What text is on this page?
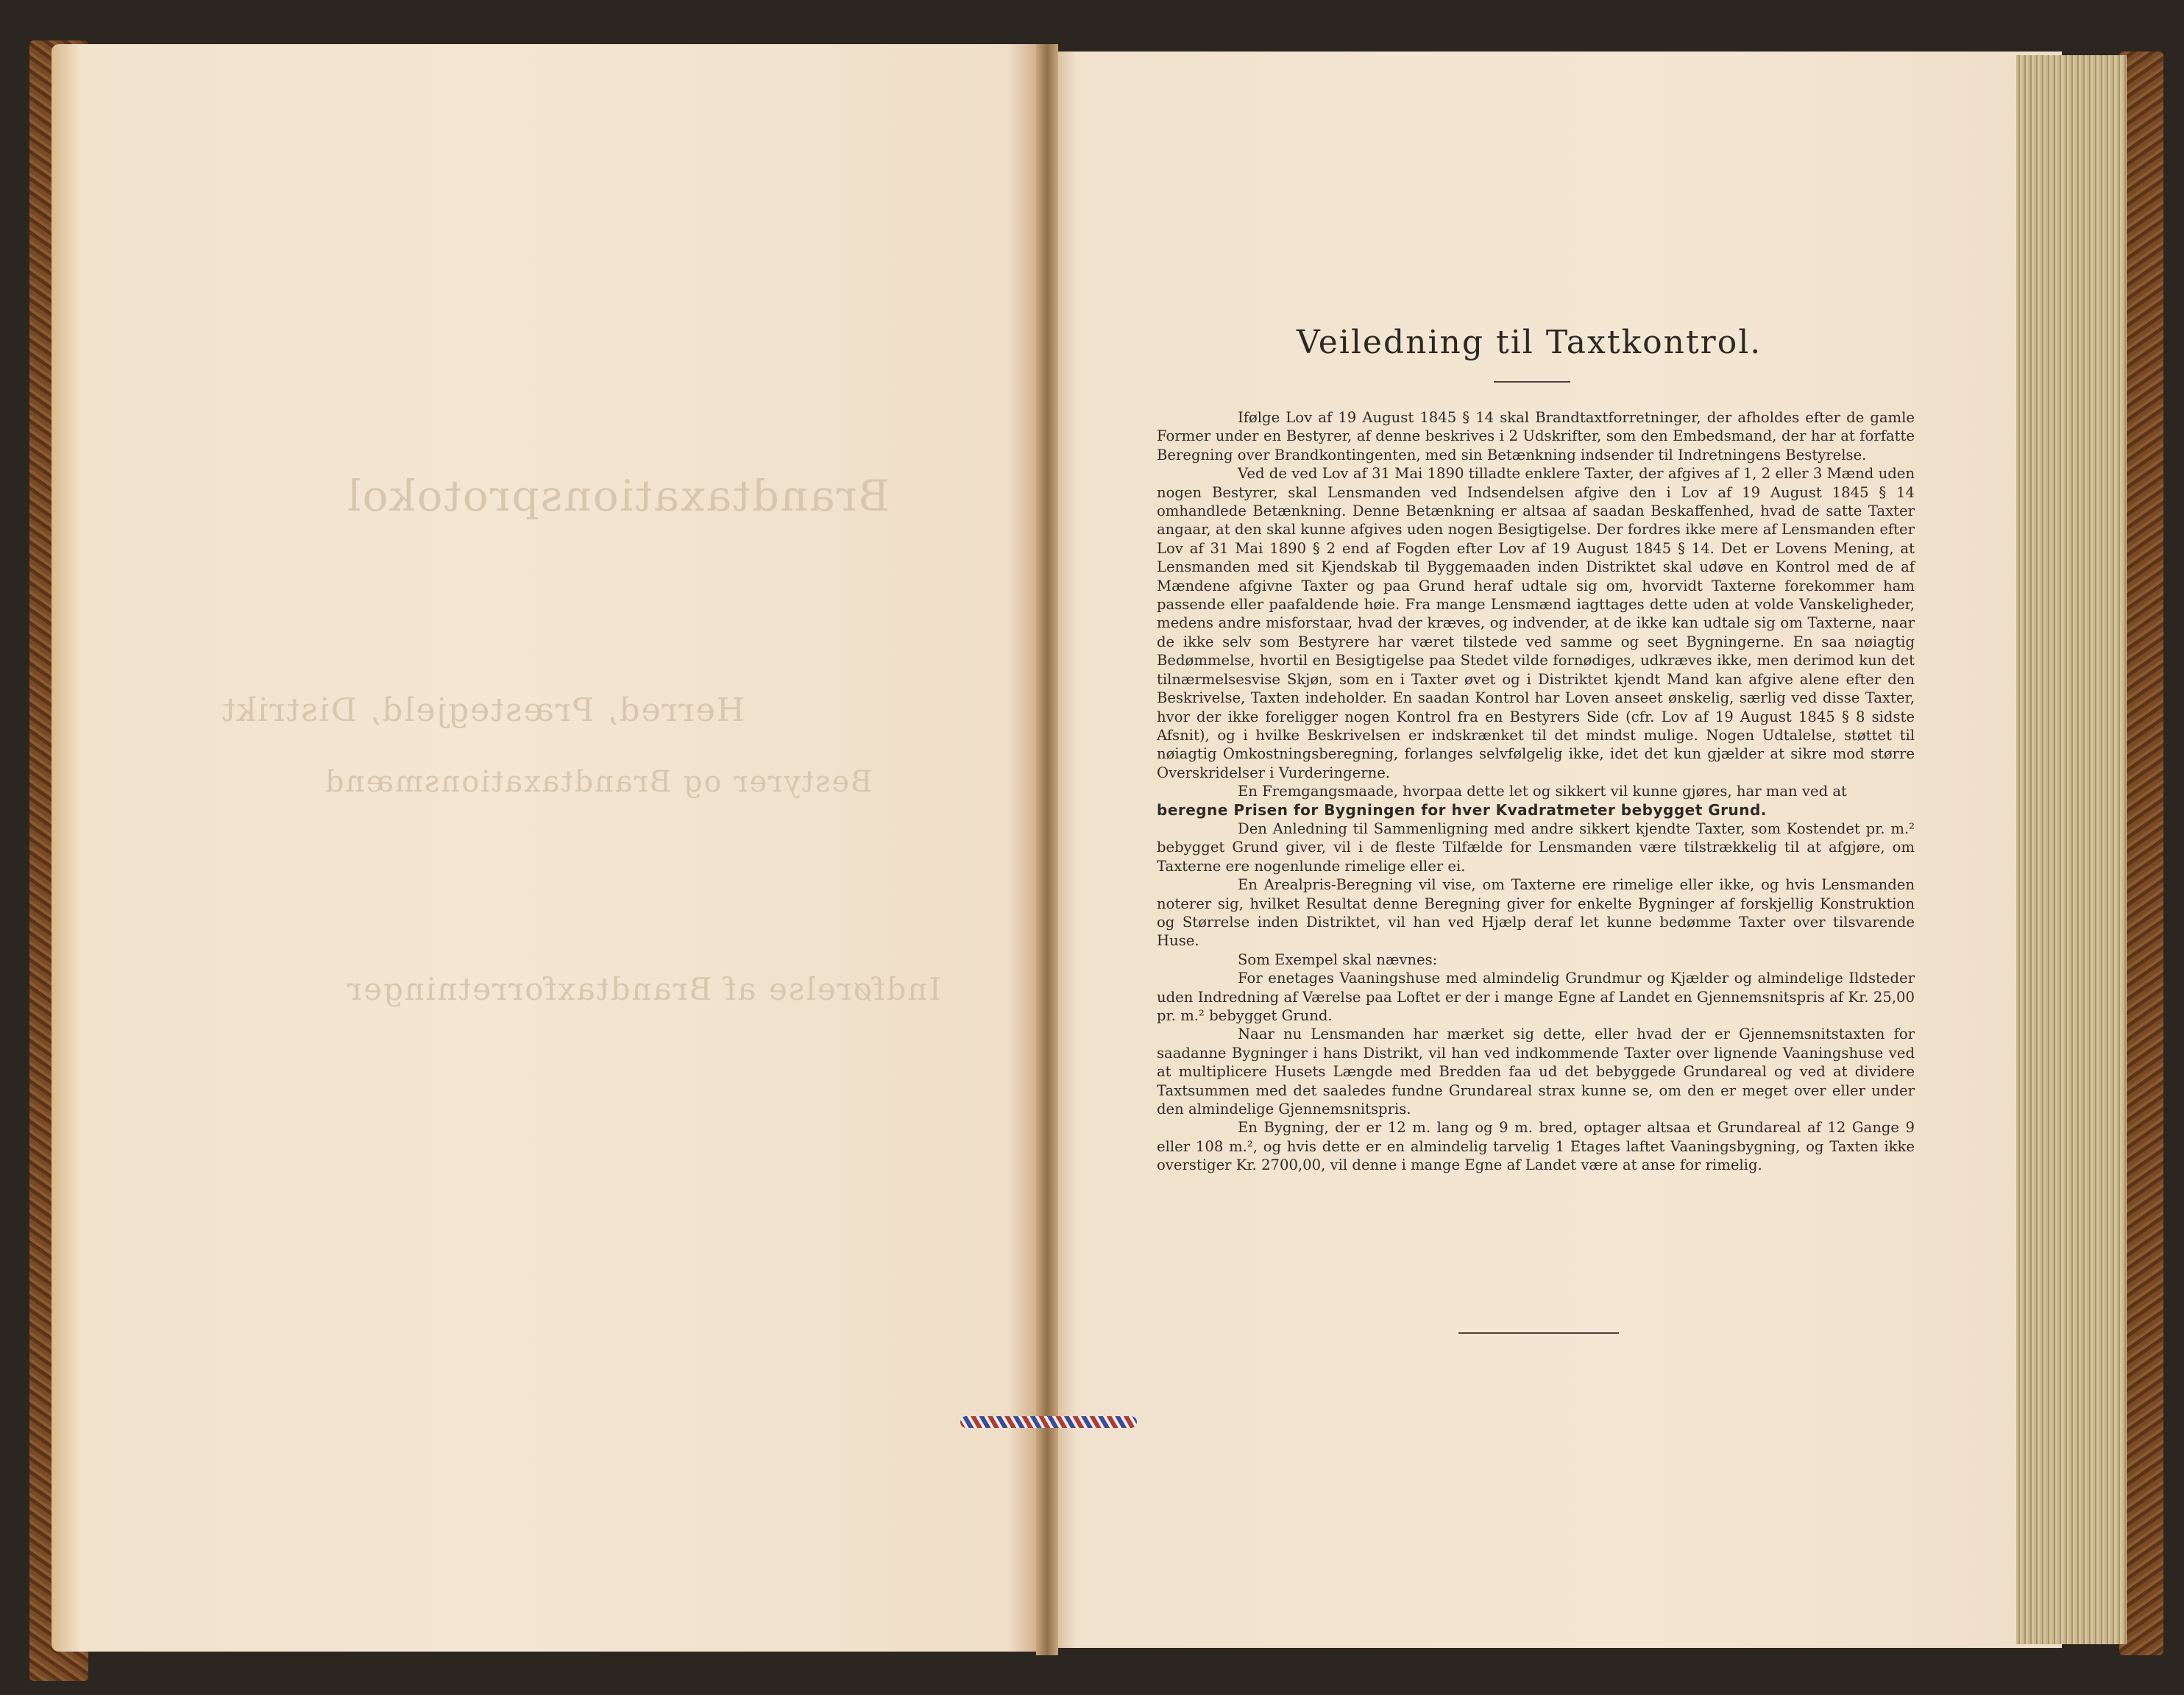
Brandtaxationsprotokol
Herred, Præstegjeld, Distrikt
Bestyrer og Brandtaxationsmænd
Indførelse af Brandtaxforretninger
Veiledning til Taxtkontrol.

Ifølge Lov af 19 August 1845 § 14 skal Brandtaxtforretninger, der afholdes efter de gamle Former under en Bestyrer, af denne beskrives i 2 Udskrifter, som den Embedsmand, der har at forfatte Beregning over Brandkontingenten, med sin Betænkning indsender til Indretningens Bestyrelse.

Ved de ved Lov af 31 Mai 1890 tilladte enklere Taxter, der afgives af 1, 2 eller 3 Mænd uden nogen Bestyrer, skal Lensmanden ved Indsendelsen afgive den i Lov af 19 August 1845 § 14 omhandlede Betænkning. Denne Betænkning er altsaa af saadan Beskaffenhed, hvad de satte Taxter angaar, at den skal kunne afgives uden nogen Besigtigelse. Der fordres ikke mere af Lensmanden efter Lov af 31 Mai 1890 § 2 end af Fogden efter Lov af 19 August 1845 § 14. Det er Lovens Mening, at Lensmanden med sit Kjendskab til Byggemaaden inden Distriktet skal udøve en Kontrol med de af Mændene afgivne Taxter og paa Grund heraf udtale sig om, hvorvidt Taxterne forekommer ham passende eller paafaldende høie. Fra mange Lensmænd iagttages dette uden at volde Vanskeligheder, medens andre misforstaar, hvad der kræves, og indvender, at de ikke kan udtale sig om Taxterne, naar de ikke selv som Bestyrere har været tilstede ved samme og seet Bygningerne. En saa nøiagtig Bedømmelse, hvortil en Besigtigelse paa Stedet vilde fornødiges, udkræves ikke, men derimod kun det tilnærmelsesvise Skjøn, som en i Taxter øvet og i Distriktet kjendt Mand kan afgive alene efter den Beskrivelse, Taxten indeholder. En saadan Kontrol har Loven anseet ønskelig, særlig ved disse Taxter, hvor der ikke foreligger nogen Kontrol fra en Bestyrers Side (cfr. Lov af 19 August 1845 § 8 sidste Afsnit), og i hvilke Beskrivelsen er indskrænket til det mindst mulige. Nogen Udtalelse, støttet til nøiagtig Omkostningsberegning, forlanges selvfølgelig ikke, idet det kun gjælder at sikre mod større Overskridelser i Vurderingerne.

En Fremgangsmaade, hvorpaa dette let og sikkert vil kunne gjøres, har man ved at

beregne Prisen for Bygningen for hver Kvadratmeter bebygget Grund.

Den Anledning til Sammenligning med andre sikkert kjendte Taxter, som Kostendet pr. m.² bebygget Grund giver, vil i de fleste Tilfælde for Lensmanden være tilstrækkelig til at afgjøre, om Taxterne ere nogenlunde rimelige eller ei.

En Arealpris-Beregning vil vise, om Taxterne ere rimelige eller ikke, og hvis Lensmanden noterer sig, hvilket Resultat denne Beregning giver for enkelte Bygninger af forskjellig Konstruktion og Størrelse inden Distriktet, vil han ved Hjælp deraf let kunne bedømme Taxter over tilsvarende Huse.

Som Exempel skal nævnes:

For enetages Vaaningshuse med almindelig Grundmur og Kjælder og almindelige Ildsteder uden Indredning af Værelse paa Loftet er der i mange Egne af Landet en Gjennemsnitspris af Kr. 25,00 pr. m.² bebygget Grund.

Naar nu Lensmanden har mærket sig dette, eller hvad der er Gjennemsnitstaxten for saadanne Bygninger i hans Distrikt, vil han ved indkommende Taxter over lignende Vaaningshuse ved at multiplicere Husets Længde med Bredden faa ud det bebyggede Grundareal og ved at dividere Taxtsummen med det saaledes fundne Grundareal strax kunne se, om den er meget over eller under den almindelige Gjennemsnitspris.

En Bygning, der er 12 m. lang og 9 m. bred, optager altsaa et Grundareal af 12 Gange 9 eller 108 m.², og hvis dette er en almindelig tarvelig 1 Etages laftet Vaaningsbygning, og Taxten ikke overstiger Kr. 2700,00, vil denne i mange Egne af Landet være at anse for rimelig.
